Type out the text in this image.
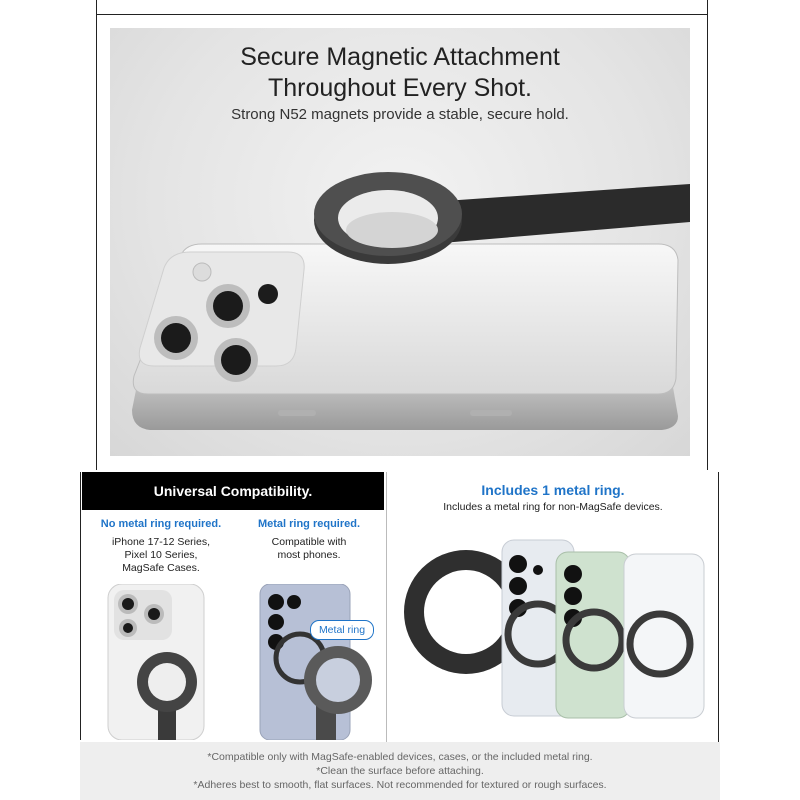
Secure Magnetic Attachment
Throughout Every Shot.
Strong N52 magnets provide a stable, secure hold.
Universal Compatibility.
No metal ring required.
iPhone 17-12 Series,
Pixel 10 Series,
MagSafe Cases.
Metal ring required.
Compatible with
most phones.
Metal ring
Includes 1 metal ring.
Includes a metal ring for non-MagSafe devices.
*Compatible only with MagSafe-enabled devices, cases, or the included metal ring.
*Clean the surface before attaching.
*Adheres best to smooth, flat surfaces. Not recommended for textured or rough surfaces.
